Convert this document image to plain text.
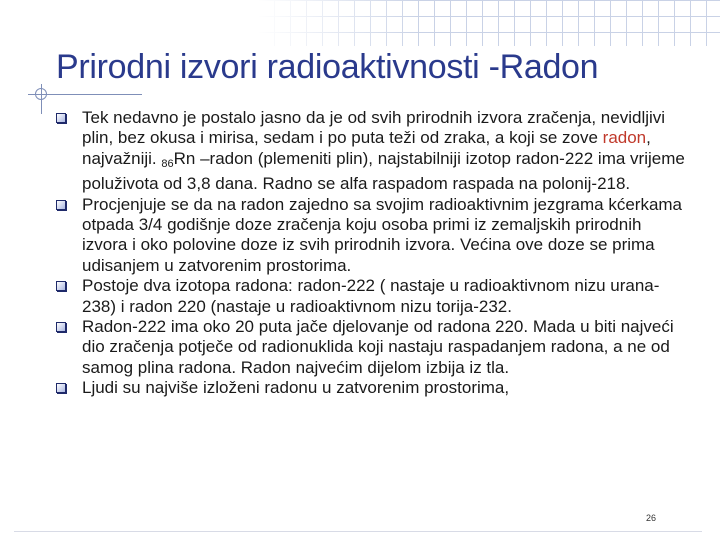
Prirodni izvori radioaktivnosti -Radon
Tek nedavno je postalo jasno da je od svih prirodnih izvora zračenja, nevidljivi plin, bez okusa i mirisa, sedam i po puta teži od zraka, a koji se zove radon, najvažniji. $_{86}$Rn –radon (plemeniti plin), najstabilniji izotop radon-222 ima vrijeme poluživota od 3,8 dana. Radno se alfa raspadom raspada na polonij-218.
Procjenjuje se da na radon zajedno sa svojim radioaktivnim jezgrama kćerkama otpada 3/4 godišnje doze zračenja koju osoba primi iz zemaljskih prirodnih izvora i oko polovine doze iz svih prirodnih izvora. Većina ove doze se prima udisanjem u zatvorenim prostorima.
Postoje dva izotopa radona: radon-222 ( nastaje u radioaktivnom nizu urana-238) i radon 220 (nastaje u radioaktivnom nizu torija-232.
Radon-222 ima oko 20 puta jače djelovanje od radona 220. Mada u biti najveći dio zračenja potječe od radionuklida koji nastaju raspadanjem radona, a ne od samog plina radona. Radon najvećim dijelom izbija iz tla.
Ljudi su najviše izloženi radonu u zatvorenim prostorima,
26
